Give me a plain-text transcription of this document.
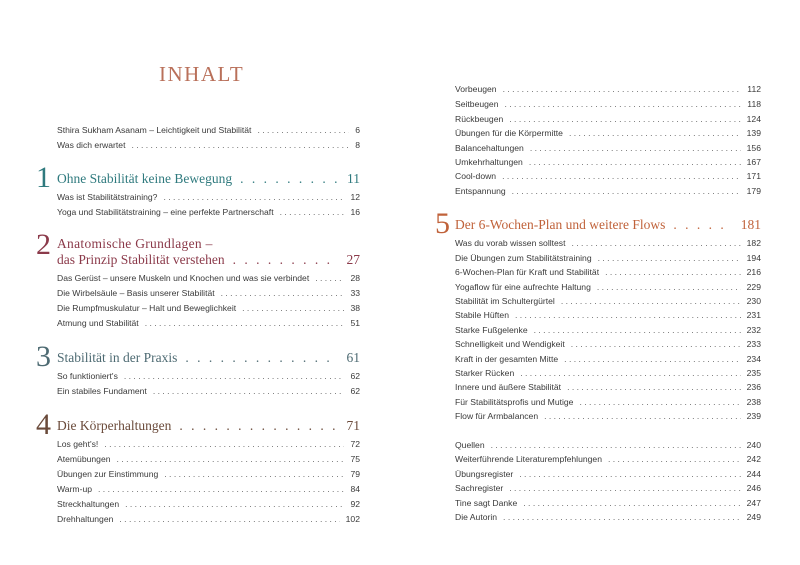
INHALT
Sthira Sukham Asanam – Leichtigkeit und Stabilität . . .	6
Was dich erwartet . . .	8
1 Ohne Stabilität keine Bewegung . . .	11
Was ist Stabilitätstraining? . . .	12
Yoga und Stabilitätstraining – eine perfekte Partnerschaft . . .	16
2 Anatomische Grundlagen –
das Prinzip Stabilität verstehen . . .	27
Das Gerüst – unsere Muskeln und Knochen und was sie verbindet . . .	28
Die Wirbelsäule – Basis unserer Stabilität . . .	33
Die Rumpfmuskulatur – Halt und Beweglichkeit . . .	38
Atmung und Stabilität . . .	51
3 Stabilität in der Praxis . . .	61
So funktioniert's . . .	62
Ein stabiles Fundament . . .	62
4 Die Körperhaltungen . . .	71
Los geht's! . . .	72
Atemübungen . . .	75
Übungen zur Einstimmung . . .	79
Warm-up . . .	84
Streckhaltungen . . .	92
Drehhaltungen . . .	102
Vorbeugen . . .	112
Seitbeugen . . .	118
Rückbeugen . . .	124
Übungen für die Körpermitte . . .	139
Balancehaltungen . . .	156
Umkehrhaltungen . . .	167
Cool-down . . .	171
Entspannung . . .	179
5 Der 6-Wochen-Plan und weitere Flows . . .	181
Was du vorab wissen solltest . . .	182
Die Übungen zum Stabilitätstraining . . .	194
6-Wochen-Plan für Kraft und Stabilität . . .	216
Yogaflow für eine aufrechte Haltung . . .	229
Stabilität im Schultergürtel . . .	230
Stabile Hüften . . .	231
Starke Fußgelenke . . .	232
Schnelligkeit und Wendigkeit . . .	233
Kraft in der gesamten Mitte . . .	234
Starker Rücken . . .	235
Innere und äußere Stabilität . . .	236
Für Stabilitätsprofis und Mutige . . .	238
Flow für Armbalancen . . .	239
Quellen . . .	240
Weiterführende Literaturempfehlungen . . .	242
Übungsregister . . .	244
Sachregister . . .	246
Tine sagt Danke . . .	247
Die Autorin . . .	249
